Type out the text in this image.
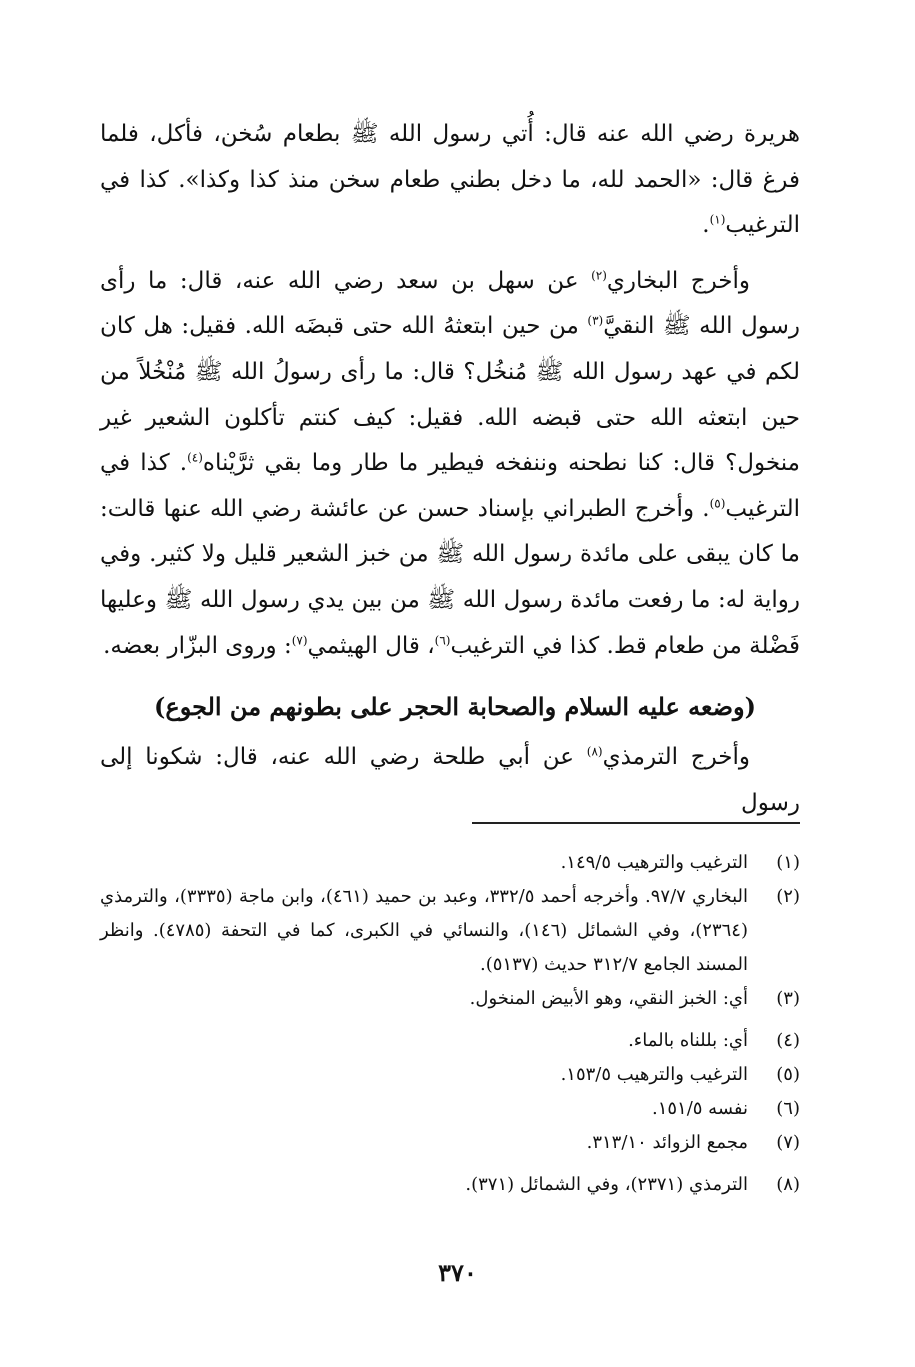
هريرة رضي الله عنه قال: أُتي رسول الله ﷺ بطعام سُخن، فأكل، فلما فرغ قال: «الحمد لله، ما دخل بطني طعام سخن منذ كذا وكذا». كذا في الترغيب$^{(١)}$.

وأخرج البخاري$^{(٢)}$ عن سهل بن سعد رضي الله عنه، قال: ما رأى رسول الله ﷺ النقيَّ$^{(٣)}$ من حين ابتعثهُ الله حتى قبضَه الله. فقيل: هل كان لكم في عهد رسول الله ﷺ مُنخُل؟ قال: ما رأى رسولُ الله ﷺ مُنْخُلاً من حين ابتعثه الله حتى قبضه الله. فقيل: كيف كنتم تأكلون الشعير غير منخول؟ قال: كنا نطحنه وننفخه فيطير ما طار وما بقي ثرَّيْناه$^{(٤)}$. كذا في الترغيب$^{(٥)}$. وأخرج الطبراني بإسناد حسن عن عائشة رضي الله عنها قالت: ما كان يبقى على مائدة رسول الله ﷺ من خبز الشعير قليل ولا كثير. وفي رواية له: ما رفعت مائدة رسول الله ﷺ من بين يدي رسول الله ﷺ وعليها فَضْلة من طعام قط. كذا في الترغيب$^{(٦)}$، قال الهيثمي$^{(٧)}$: وروى البزّار بعضه.

(وضعه عليه السلام والصحابة الحجر على بطونهم من الجوع)

وأخرج الترمذي$^{(٨)}$ عن أبي طلحة رضي الله عنه، قال: شكونا إلى رسول

(١)
الترغيب والترهيب ١٤٩/٥.
(٢)
البخاري ٩٧/٧. وأخرجه أحمد ٣٣٢/٥، وعبد بن حميد (٤٦١)، وابن ماجة (٣٣٣٥)، والترمذي (٢٣٦٤)، وفي الشمائل (١٤٦)، والنسائي في الكبرى، كما في التحفة (٤٧٨٥). وانظر المسند الجامع ٣١٢/٧ حديث (٥١٣٧).
(٣)
أي: الخبز النقي، وهو الأبيض المنخول.
(٤)
أي: بللناه بالماء.
(٥)
الترغيب والترهيب ١٥٣/٥.
(٦)
نفسه ١٥١/٥.
(٧)
مجمع الزوائد ٣١٣/١٠.
(٨)
الترمذي (٢٣٧١)، وفي الشمائل (٣٧١).
٣٧٠
